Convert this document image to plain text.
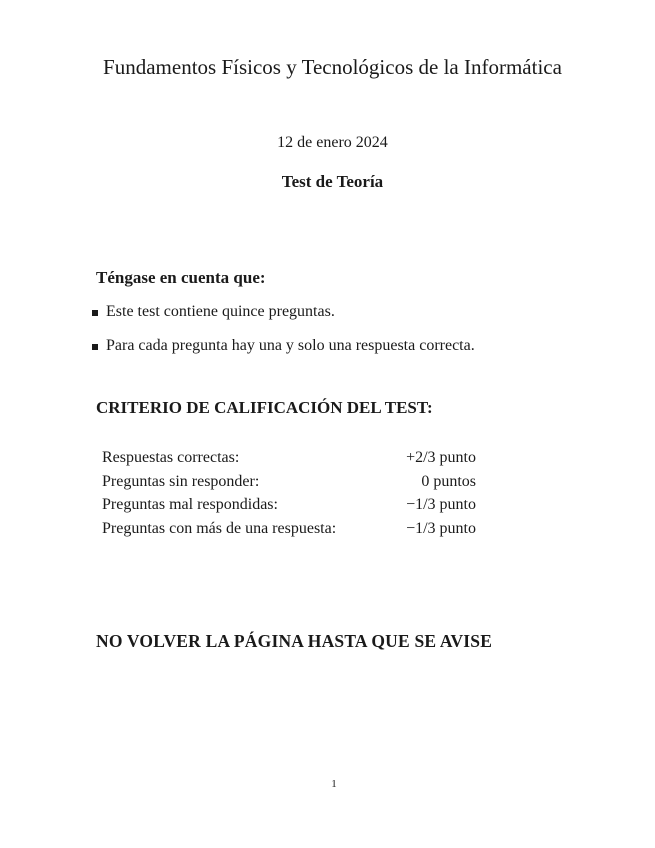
Fundamentos Físicos y Tecnológicos de la Informática
12 de enero 2024
Test de Teoría
Téngase en cuenta que:
Este test contiene quince preguntas.
Para cada pregunta hay una y solo una respuesta correcta.
CRITERIO DE CALIFICACIÓN DEL TEST:
Respuestas correctas:	+2/3 punto
Preguntas sin responder:	0 puntos
Preguntas mal respondidas:	−1/3 punto
Preguntas con más de una respuesta:	−1/3 punto
NO VOLVER LA PÁGINA HASTA QUE SE AVISE
1
